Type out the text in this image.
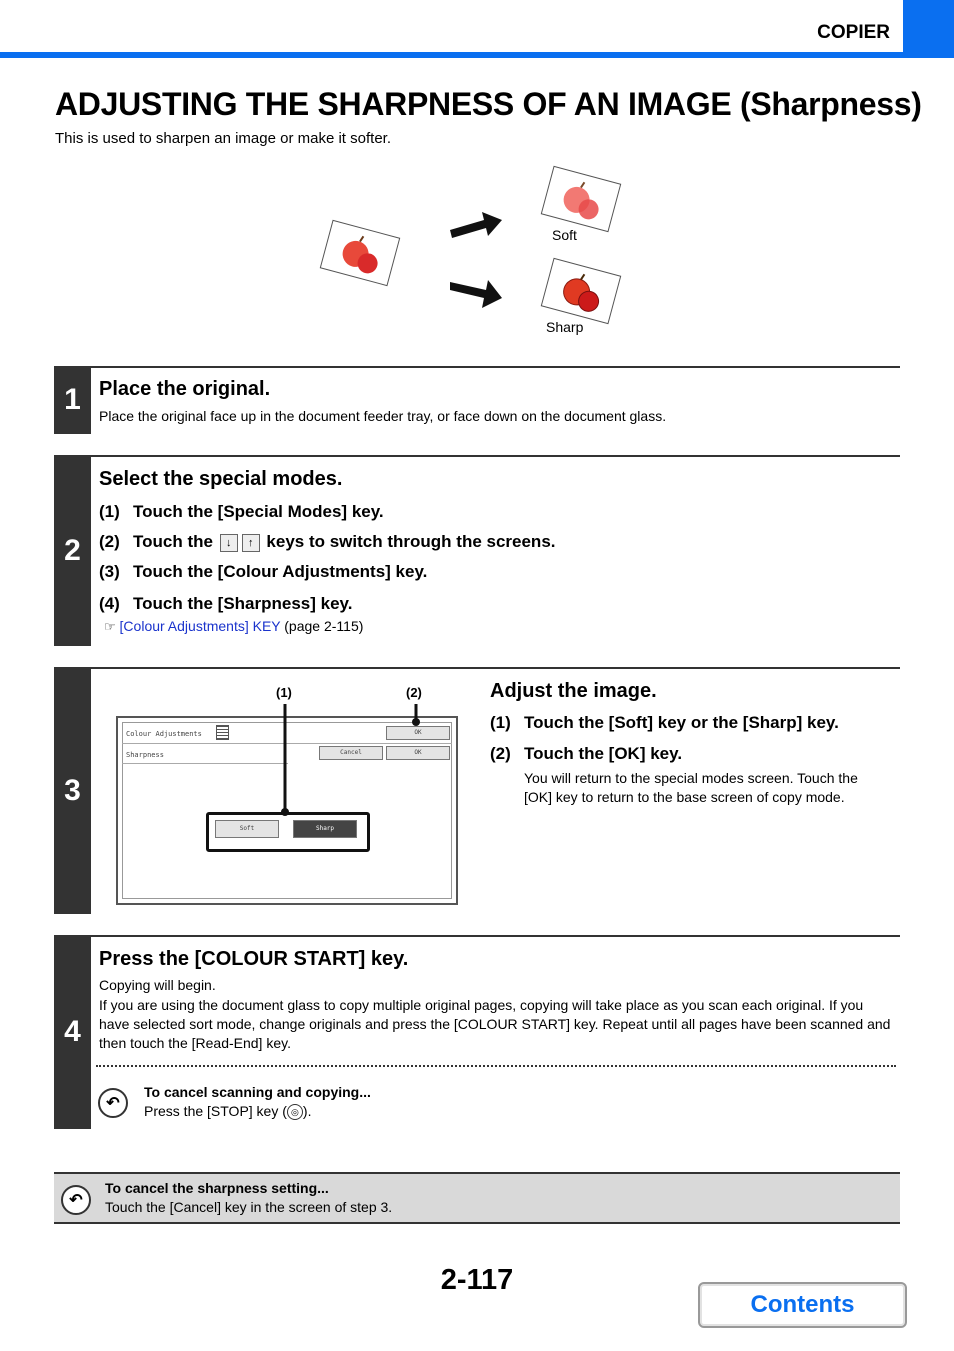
COPIER
ADJUSTING THE SHARPNESS OF AN IMAGE (Sharpness)
This is used to sharpen an image or make it softer.
Soft
Sharp
1 Place the original.
Place the original face up in the document feeder tray, or face down on the document glass.
2
Select the special modes.
(1) Touch the [Special Modes] key.
(2) Touch the ↓ ↑ keys to switch through the screens.
(3) Touch the [Colour Adjustments] key.
(4) Touch the [Sharpness] key.
☞ [Colour Adjustments] KEY (page 2-115)
3
(1)	(2)
Colour Adjustments	OK
Sharpness	Cancel	OK
Soft	Sharp
Adjust the image.
(1) Touch the [Soft] key or the [Sharp] key.
(2) Touch the [OK] key.
You will return to the special modes screen. Touch the [OK] key to return to the base screen of copy mode.
4
Press the [COLOUR START] key.
Copying will begin.
If you are using the document glass to copy multiple original pages, copying will take place as you scan each original. If you have selected sort mode, change originals and press the [COLOUR START] key. Repeat until all pages have been scanned and then touch the [Read-End] key.
↶
To cancel scanning and copying...
Press the [STOP] key ( ◎ ).
↶
To cancel the sharpness setting...
Touch the [Cancel] key in the screen of step 3.
2-117
Contents
